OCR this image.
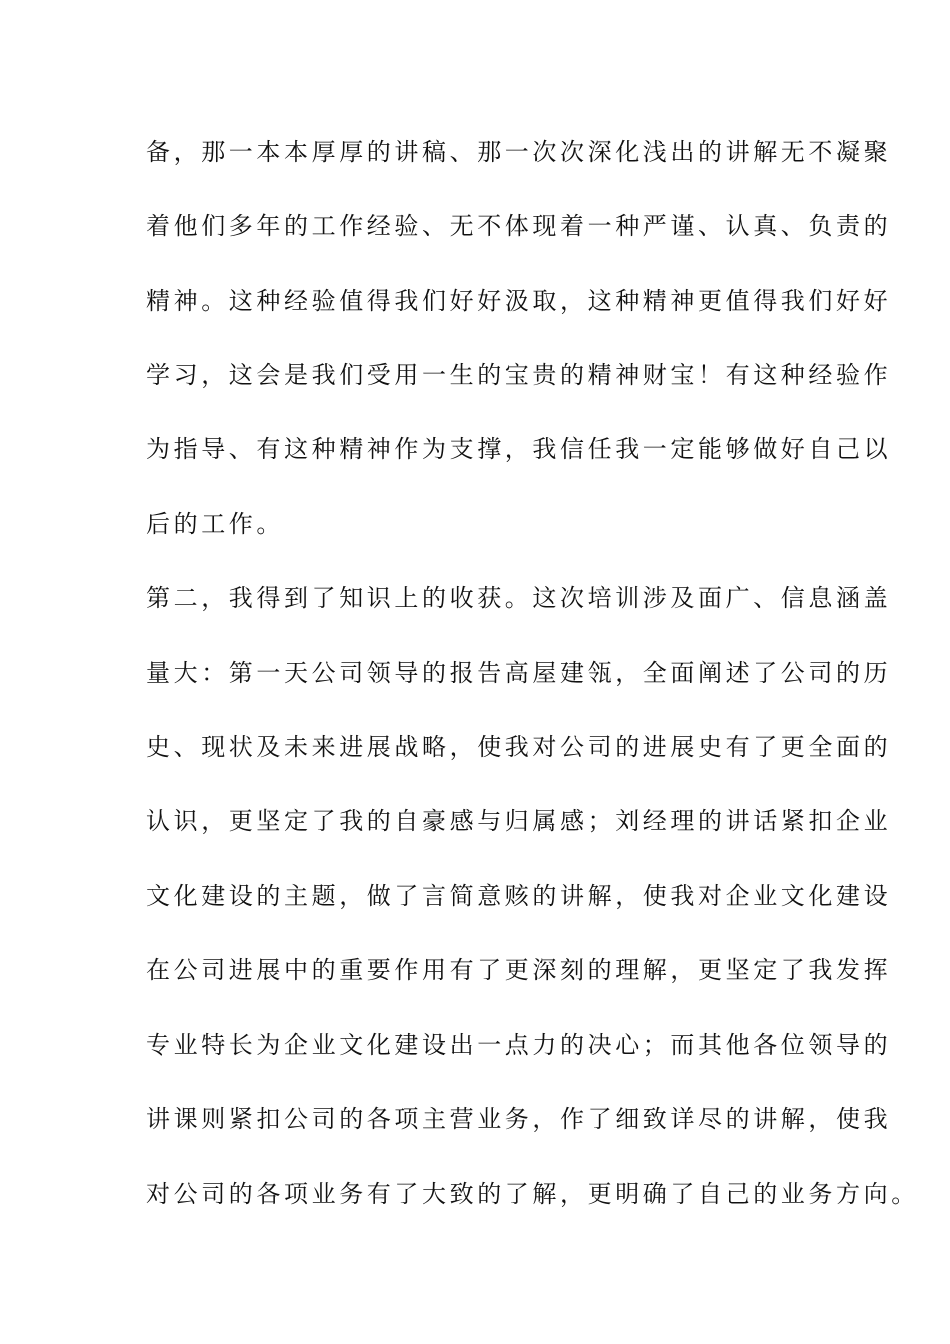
备，那一本本厚厚的讲稿、那一次次深化浅出的讲解无不凝聚
着他们多年的工作经验、无不体现着一种严谨、认真、负责的
精神。这种经验值得我们好好汲取，这种精神更值得我们好好
学习，这会是我们受用一生的宝贵的精神财宝！有这种经验作
为指导、有这种精神作为支撑，我信任我一定能够做好自己以
后的工作。
第二，我得到了知识上的收获。这次培训涉及面广、信息涵盖
量大：第一天公司领导的报告高屋建瓴，全面阐述了公司的历
史、现状及未来进展战略，使我对公司的进展史有了更全面的
认识，更坚定了我的自豪感与归属感；刘经理的讲话紧扣企业
文化建设的主题，做了言简意赅的讲解，使我对企业文化建设
在公司进展中的重要作用有了更深刻的理解，更坚定了我发挥
专业特长为企业文化建设出一点力的决心；而其他各位领导的
讲课则紧扣公司的各项主营业务，作了细致详尽的讲解，使我
对公司的各项业务有了大致的了解，更明确了自己的业务方向。
